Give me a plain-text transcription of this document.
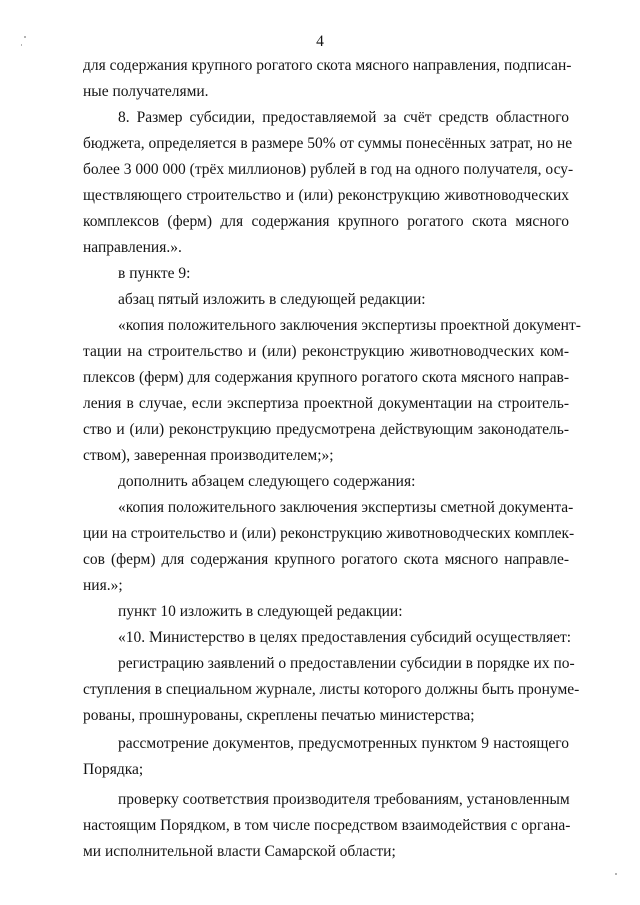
4
для содержания крупного рогатого скота мясного направления, подписан-
ные получателями.
8. Размер субсидии, предоставляемой за счёт средств областного
бюджета, определяется в размере 50% от суммы понесённых затрат, но не
более 3 000 000 (трёх миллионов) рублей в год на одного получателя, осу-
ществляющего строительство и (или) реконструкцию животноводческих
комплексов (ферм) для содержания крупного рогатого скота мясного
направления.».
в пункте 9:
абзац пятый изложить в следующей редакции:
«копия положительного заключения экспертизы проектной документ-
тации на строительство и (или) реконструкцию животноводческих ком-
плексов (ферм) для содержания крупного рогатого скота мясного направ-
ления в случае, если экспертиза проектной документации на строитель-
ство и (или) реконструкцию предусмотрена действующим законодатель-
ством), заверенная производителем;»;
дополнить абзацем следующего содержания:
«копия положительного заключения экспертизы сметной документа-
ции на строительство и (или) реконструкцию животноводческих комплек-
сов (ферм) для содержания крупного рогатого скота мясного направле-
ния.»;
пункт 10 изложить в следующей редакции:
«10. Министерство в целях предоставления субсидий осуществляет:
регистрацию заявлений о предоставлении субсидии в порядке их по-
ступления в специальном журнале, листы которого должны быть пронуме-
рованы, прошнурованы, скреплены печатью министерства;
рассмотрение документов, предусмотренных пунктом 9 настоящего
Порядка;
проверку соответствия производителя требованиям, установленным
настоящим Порядком, в том числе посредством взаимодействия с органа-
ми исполнительной власти Самарской области;
